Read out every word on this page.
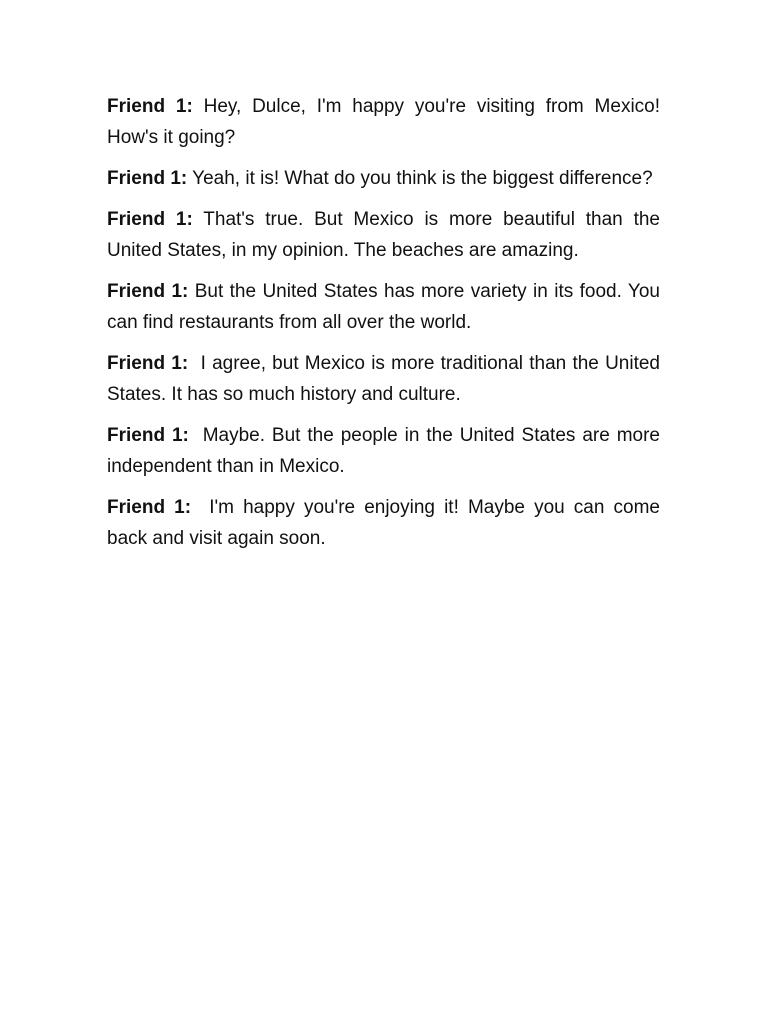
Friend 1: Hey, Dulce, I'm happy you're visiting from Mexico! How's it going?

Friend 1: Yeah, it is! What do you think is the biggest difference?

Friend 1: That's true. But Mexico is more beautiful than the United States, in my opinion. The beaches are amazing.

Friend 1: But the United States has more variety in its food. You can find restaurants from all over the world.

Friend 1:  I agree, but Mexico is more traditional than the United States. It has so much history and culture.

Friend 1:  Maybe. But the people in the United States are more independent than in Mexico.

Friend 1:  I'm happy you're enjoying it! Maybe you can come back and visit again soon.
